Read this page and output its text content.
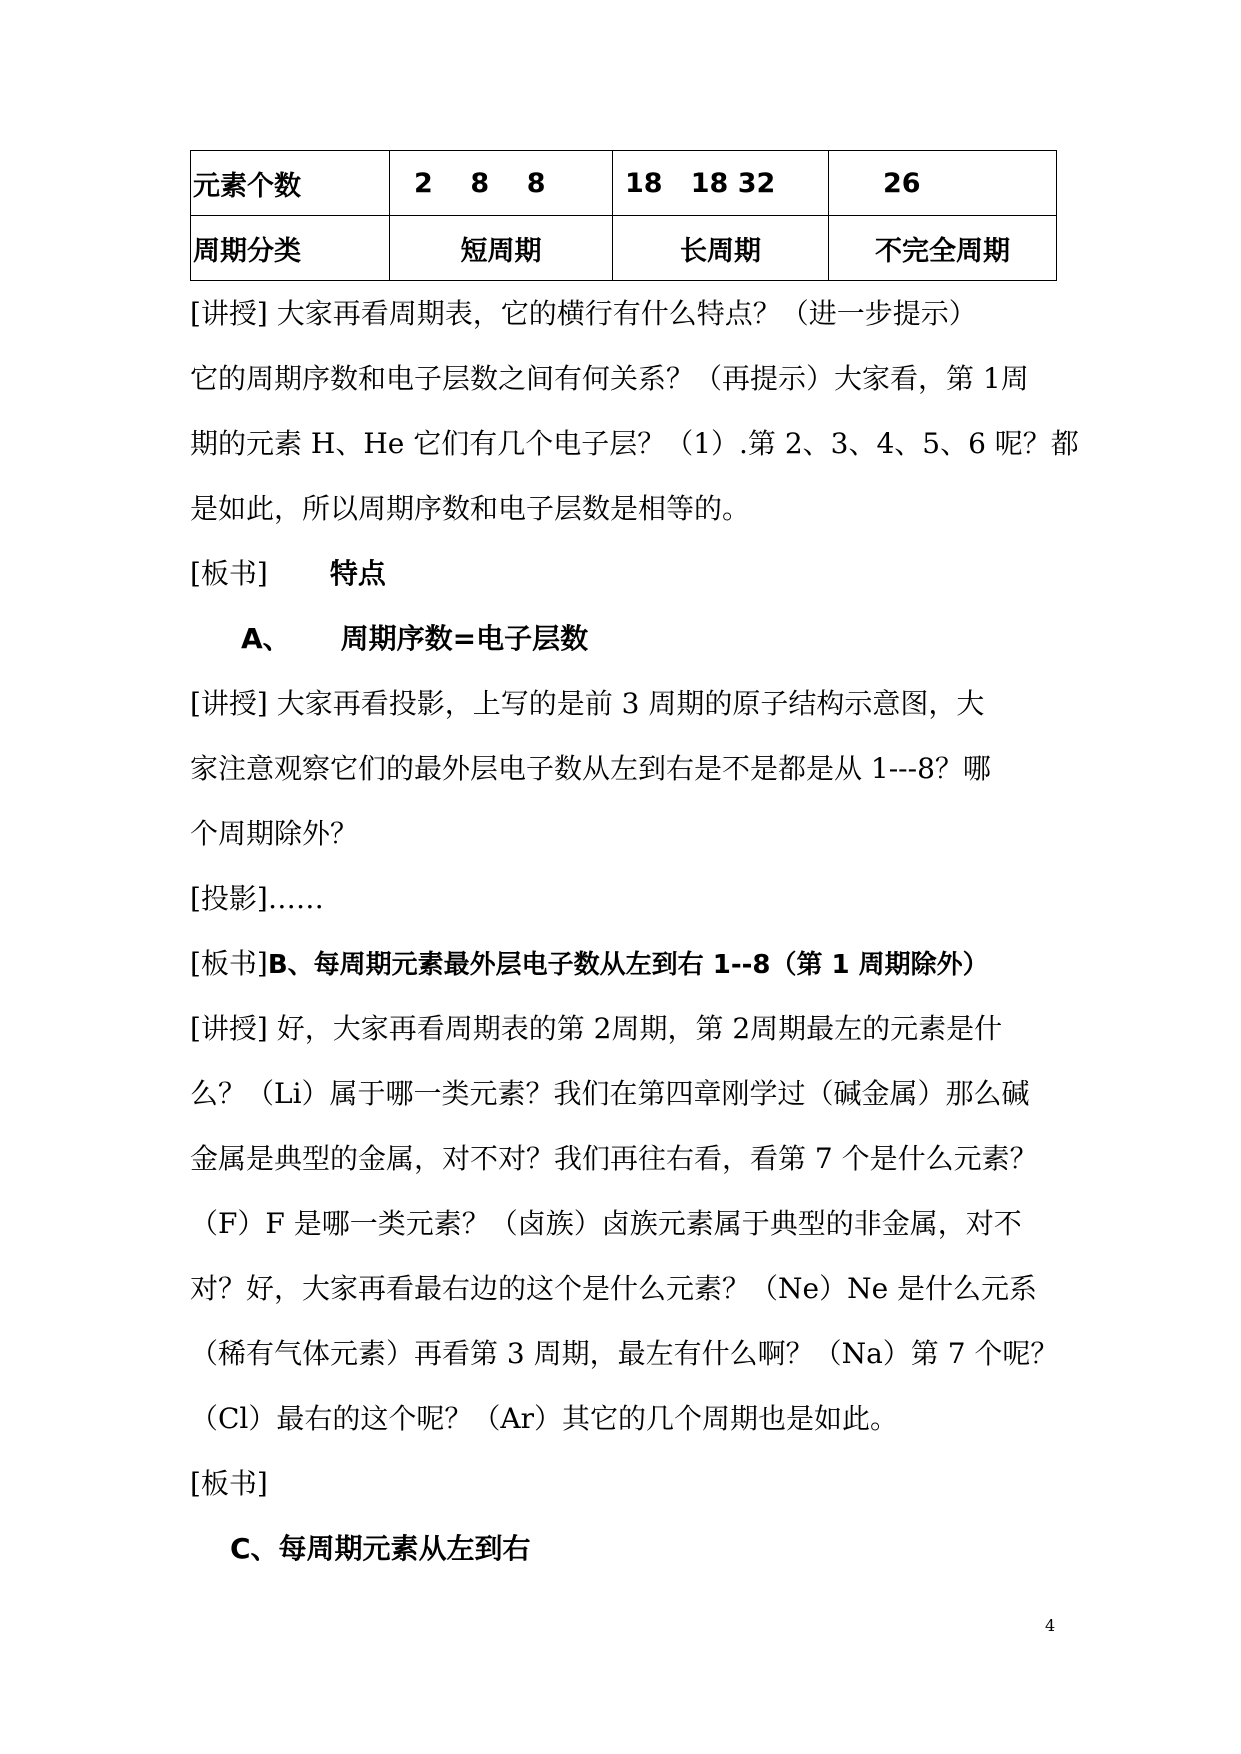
元素个数	2    8    8	18   18 32	26
周期分类	短周期	长周期	不完全周期
[讲授] 大家再看周期表，它的横行有什么特点？（进一步提示）
它的周期序数和电子层数之间有何关系？（再提示）大家看，第 1周
期的元素 H、He 它们有几个电子层？（1）.第 2、3、4、5、6 呢？都
是如此，所以周期序数和电子层数是相等的。
[板书] 特点
A、 周期序数=电子层数
[讲授] 大家再看投影，上写的是前 3 周期的原子结构示意图，大
家注意观察它们的最外层电子数从左到右是不是都是从 1---8？哪
个周期除外？
[投影]……
[板书]B、每周期元素最外层电子数从左到右 1--8（第 1 周期除外）
[讲授] 好，大家再看周期表的第 2周期，第 2周期最左的元素是什
么？（Li）属于哪一类元素？我们在第四章刚学过（碱金属）那么碱
金属是典型的金属，对不对？我们再往右看，看第 7 个是什么元素？
（F）F 是哪一类元素？（卤族）卤族元素属于典型的非金属，对不
对？好，大家再看最右边的这个是什么元素？（Ne）Ne 是什么元系
（稀有气体元素）再看第 3 周期，最左有什么啊？（Na）第 7 个呢？
（Cl）最右的这个呢？（Ar）其它的几个周期也是如此。
[板书]
C、每周期元素从左到右
4
